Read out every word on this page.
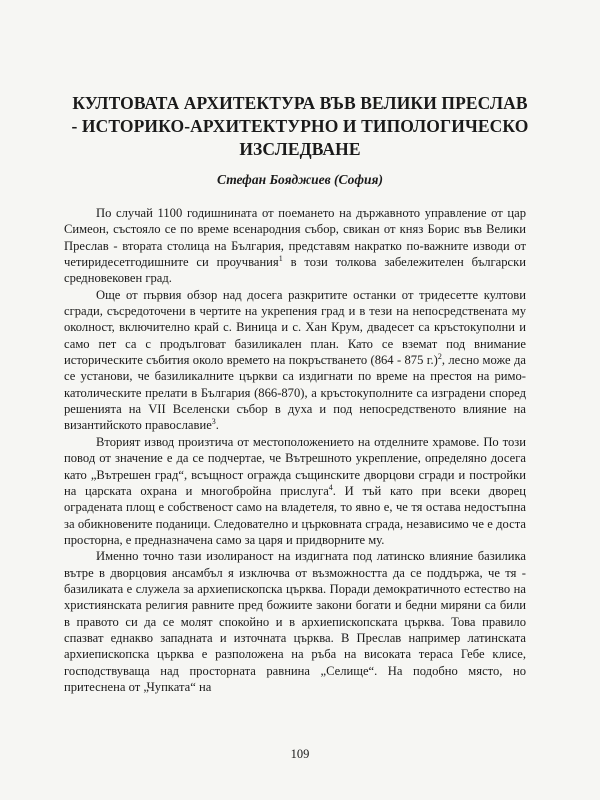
КУЛТОВАТА АРХИТЕКТУРА ВЪВ ВЕЛИКИ ПРЕСЛАВ
- ИСТОРИКО-АРХИТЕКТУРНО И ТИПОЛОГИЧЕСКО
ИЗСЛЕДВАНЕ
Стефан Бояджиев (София)

По случай 1100 годишнината от поемането на държавното управление от цар Симеон, състояло се по време всенародния събор, свикан от княз Борис във Велики Преслав - втората столица на България, представям накратко по-важните изводи от четиридесетгодишните си проучвания$^1$ в този толкова забележителен български средновековен град.

Още от първия обзор над досега разкритите останки от тридесетте култови сгради, съсредоточени в чертите на укрепения град и в тези на непосредствената му околност, включително край с. Виница и с. Хан Крум, двадесет са кръстокуполни и само пет са с продълговат базиликален план. Като се вземат под внимание историческите събития около времето на покръстването (864 - 875 г.)$^2$, лесно може да се установи, че базиликалните църкви са издигнати по време на престоя на римо-католическите прелати в България (866-870), а кръстокуполните са изградени според решенията на VII Вселенски събор в духа и под непосредственото влияние на византийското православие$^3$.

Вторият извод произтича от местоположението на отделните храмове. По този повод от значение е да се подчертае, че Вътрешното укрепление, определяно досега като „Вътрешен град“, всъщност огражда същинските дворцови сгради и постройки на царската охрана и многобройна прислуга$^4$. И тъй като при всеки дворец оградената площ е собственост само на владетеля, то явно е, че тя остава недостъпна за обикновените поданици. Следователно и църковната сграда, независимо че е доста просторна, е предназначена само за царя и придворните му.

Именно точно тази изолираност на издигната под латинско влияние базилика вътре в дворцовия ансамбъл я изключва от възможността да се поддържа, че тя - базиликата е служела за архиепископска църква. Поради демократичното естество на християнската религия равните пред божиите закони богати и бедни миряни са били в правото си да се молят спокойно и в архиепископската църква. Това правило спазват еднакво западната и източната църква. В Преслав например латинската архиепископска църква е разположена на ръба на високата тераса Гебе клисе, господствуваща над просторната равнина „Селище“. На подобно място, но притеснена от „Чупката“ на

109
